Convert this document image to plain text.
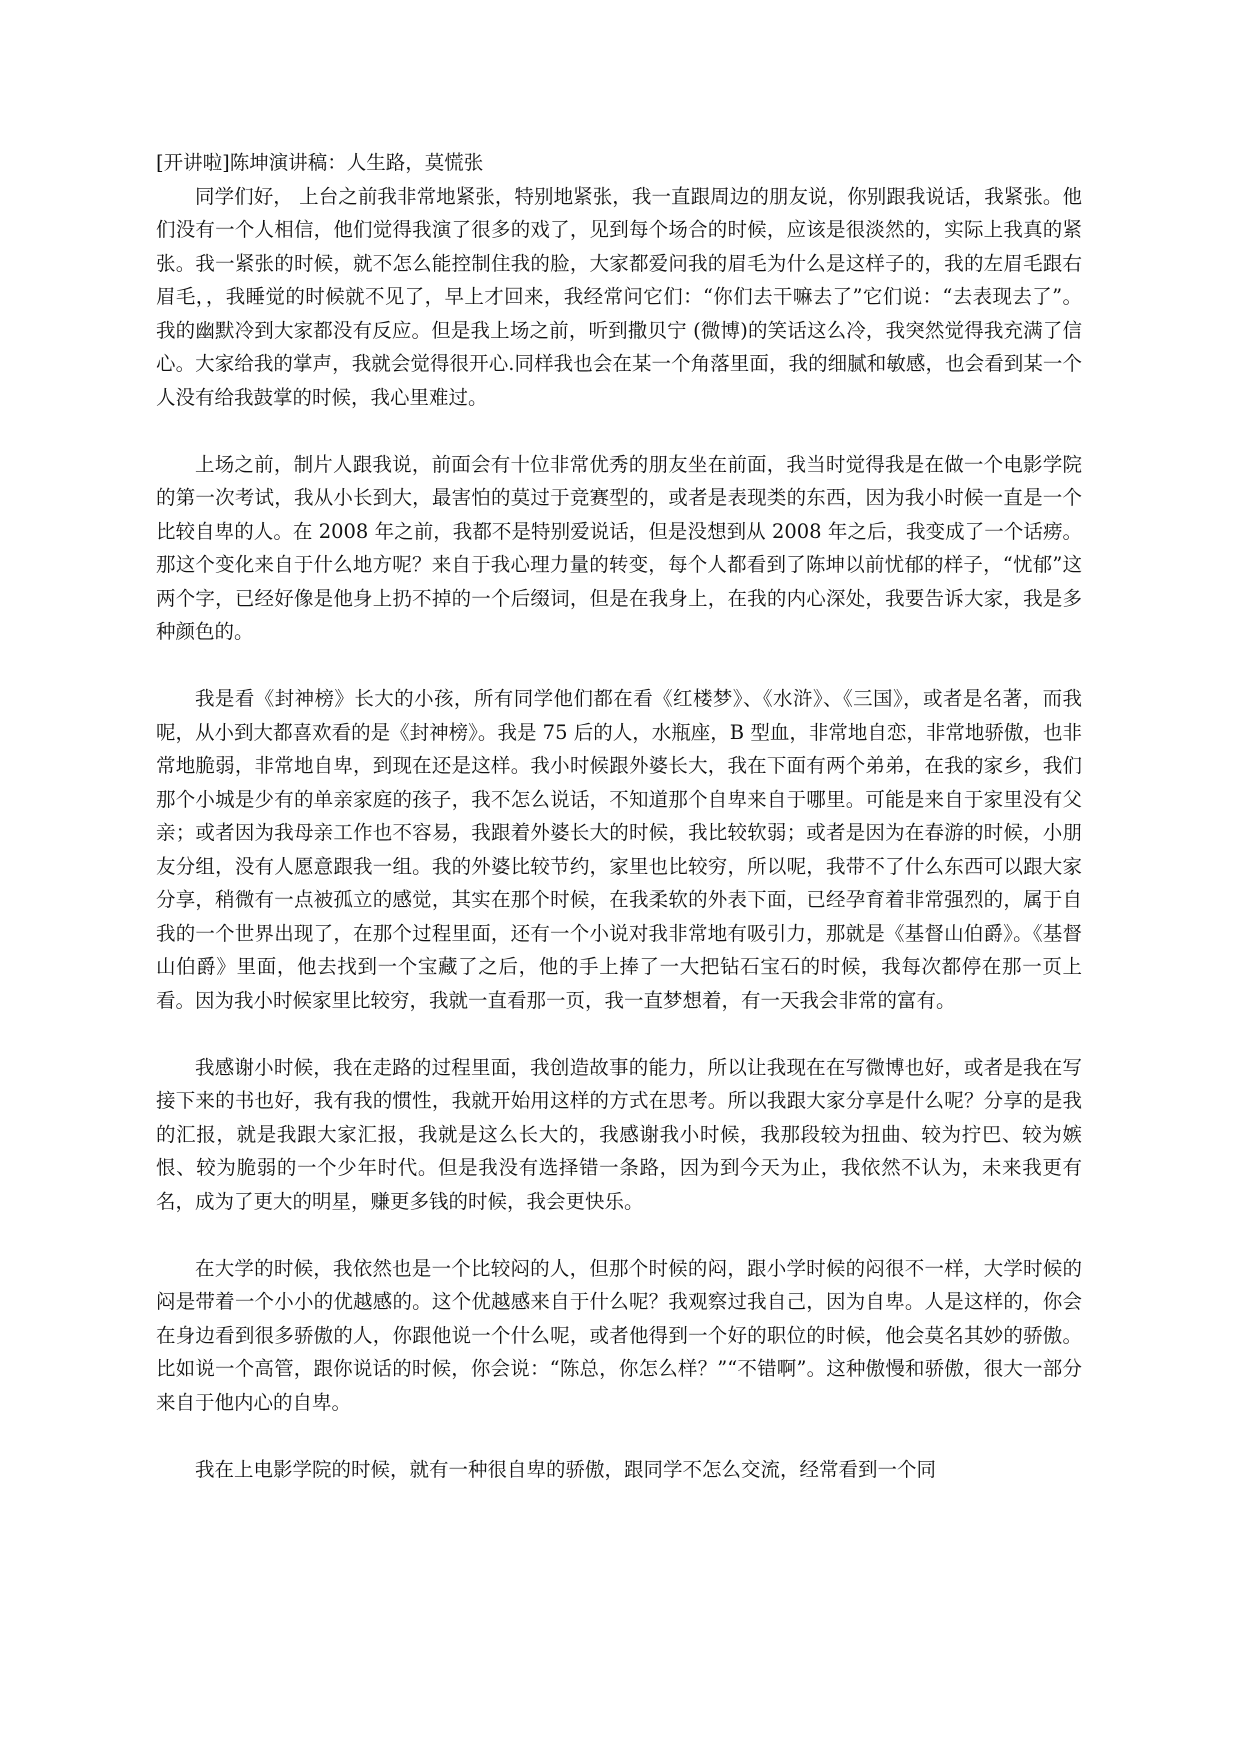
[开讲啦]陈坤演讲稿：人生路，莫慌张

同学们好， 上台之前我非常地紧张，特别地紧张，我一直跟周边的朋友说，你别跟我说话，我紧张。他们没有一个人相信，他们觉得我演了很多的戏了，见到每个场合的时候，应该是很淡然的，实际上我真的紧张。我一紧张的时候，就不怎么能控制住我的脸，大家都爱问我的眉毛为什么是这样子的，我的左眉毛跟右眉毛，，我睡觉的时候就不见了，早上才回来，我经常问它们：“你们去干嘛去了”它们说：“去表现去了”。我的幽默冷到大家都没有反应。但是我上场之前，听到撒贝宁 (微博)的笑话这么冷，我突然觉得我充满了信心。大家给我的掌声，我就会觉得很开心.同样我也会在某一个角落里面，我的细腻和敏感，也会看到某一个人没有给我鼓掌的时候，我心里难过。

上场之前，制片人跟我说，前面会有十位非常优秀的朋友坐在前面，我当时觉得我是在做一个电影学院的第一次考试，我从小长到大，最害怕的莫过于竞赛型的，或者是表现类的东西，因为我小时候一直是一个比较自卑的人。在 2008 年之前，我都不是特别爱说话，但是没想到从 2008 年之后，我变成了一个话痨。那这个变化来自于什么地方呢？来自于我心理力量的转变，每个人都看到了陈坤以前忧郁的样子，“忧郁”这两个字，已经好像是他身上扔不掉的一个后缀词，但是在我身上，在我的内心深处，我要告诉大家，我是多种颜色的。

我是看《封神榜》长大的小孩，所有同学他们都在看《红楼梦》、《水浒》、《三国》，或者是名著，而我呢，从小到大都喜欢看的是《封神榜》。我是 75 后的人，水瓶座，B 型血，非常地自恋，非常地骄傲，也非常地脆弱，非常地自卑，到现在还是这样。我小时候跟外婆长大，我在下面有两个弟弟，在我的家乡，我们那个小城是少有的单亲家庭的孩子，我不怎么说话，不知道那个自卑来自于哪里。可能是来自于家里没有父亲；或者因为我母亲工作也不容易，我跟着外婆长大的时候，我比较软弱；或者是因为在春游的时候，小朋友分组，没有人愿意跟我一组。我的外婆比较节约，家里也比较穷，所以呢，我带不了什么东西可以跟大家分享，稍微有一点被孤立的感觉，其实在那个时候，在我柔软的外表下面，已经孕育着非常强烈的，属于自我的一个世界出现了，在那个过程里面，还有一个小说对我非常地有吸引力，那就是《基督山伯爵》。《基督山伯爵》里面，他去找到一个宝藏了之后，他的手上捧了一大把钻石宝石的时候，我每次都停在那一页上看。因为我小时候家里比较穷，我就一直看那一页，我一直梦想着，有一天我会非常的富有。

我感谢小时候，我在走路的过程里面，我创造故事的能力，所以让我现在在写微博也好，或者是我在写接下来的书也好，我有我的惯性，我就开始用这样的方式在思考。所以我跟大家分享是什么呢？分享的是我的汇报，就是我跟大家汇报，我就是这么长大的，我感谢我小时候，我那段较为扭曲、较为拧巴、较为嫉恨、较为脆弱的一个少年时代。但是我没有选择错一条路，因为到今天为止，我依然不认为，未来我更有名，成为了更大的明星，赚更多钱的时候，我会更快乐。

在大学的时候，我依然也是一个比较闷的人，但那个时候的闷，跟小学时候的闷很不一样，大学时候的闷是带着一个小小的优越感的。这个优越感来自于什么呢？我观察过我自己，因为自卑。人是这样的，你会在身边看到很多骄傲的人，你跟他说一个什么呢，或者他得到一个好的职位的时候，他会莫名其妙的骄傲。比如说一个高管，跟你说话的时候，你会说：“陈总，你怎么样？”“不错啊”。这种傲慢和骄傲，很大一部分来自于他内心的自卑。

我在上电影学院的时候，就有一种很自卑的骄傲，跟同学不怎么交流，经常看到一个同
